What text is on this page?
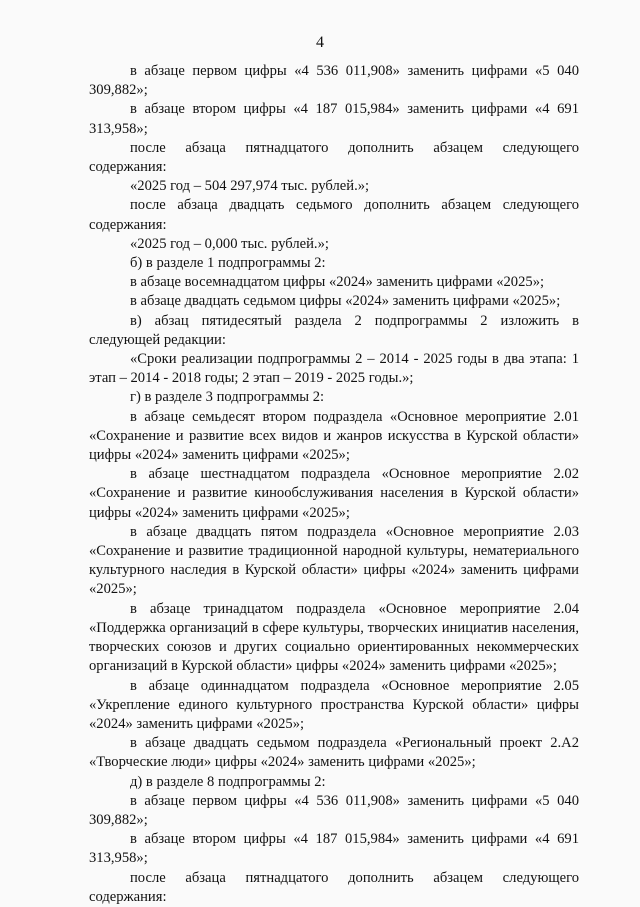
4

в абзаце первом цифры «4 536 011,908» заменить цифрами «5 040 309,882»;

в абзаце втором цифры «4 187 015,984» заменить цифрами «4 691 313,958»;

после абзаца пятнадцатого дополнить абзацем следующего содержания:

«2025 год – 504 297,974 тыс. рублей.»;

после абзаца двадцать седьмого дополнить абзацем следующего содержания:

«2025 год – 0,000 тыс. рублей.»;

б) в разделе 1 подпрограммы 2:

в абзаце восемнадцатом цифры «2024» заменить цифрами «2025»;

в абзаце двадцать седьмом цифры «2024» заменить цифрами «2025»;

в) абзац пятидесятый раздела 2 подпрограммы 2 изложить в следующей редакции:

«Сроки реализации подпрограммы 2 – 2014 - 2025 годы в два этапа: 1 этап – 2014 - 2018 годы; 2 этап – 2019 - 2025 годы.»;

г) в разделе 3 подпрограммы 2:

в абзаце семьдесят втором подраздела «Основное мероприятие 2.01 «Сохранение и развитие всех видов и жанров искусства в Курской области» цифры «2024» заменить цифрами «2025»;

в абзаце шестнадцатом подраздела «Основное мероприятие 2.02 «Сохранение и развитие кинообслуживания населения в Курской области» цифры «2024» заменить цифрами «2025»;

в абзаце двадцать пятом подраздела «Основное мероприятие 2.03 «Сохранение и развитие традиционной народной культуры, нематериального культурного наследия в Курской области» цифры «2024» заменить цифрами «2025»;

в абзаце тринадцатом подраздела «Основное мероприятие 2.04 «Поддержка организаций в сфере культуры, творческих инициатив населения, творческих союзов и других социально ориентированных некоммерческих организаций в Курской области» цифры «2024» заменить цифрами «2025»;

в абзаце одиннадцатом подраздела «Основное мероприятие 2.05 «Укрепление единого культурного пространства Курской области» цифры «2024» заменить цифрами «2025»;

в абзаце двадцать седьмом подраздела «Региональный проект 2.А2 «Творческие люди» цифры «2024» заменить цифрами «2025»;

д) в разделе 8 подпрограммы 2:

в абзаце первом цифры «4 536 011,908» заменить цифрами «5 040 309,882»;

в абзаце втором цифры «4 187 015,984» заменить цифрами «4 691 313,958»;

после абзаца пятнадцатого дополнить абзацем следующего содержания:
